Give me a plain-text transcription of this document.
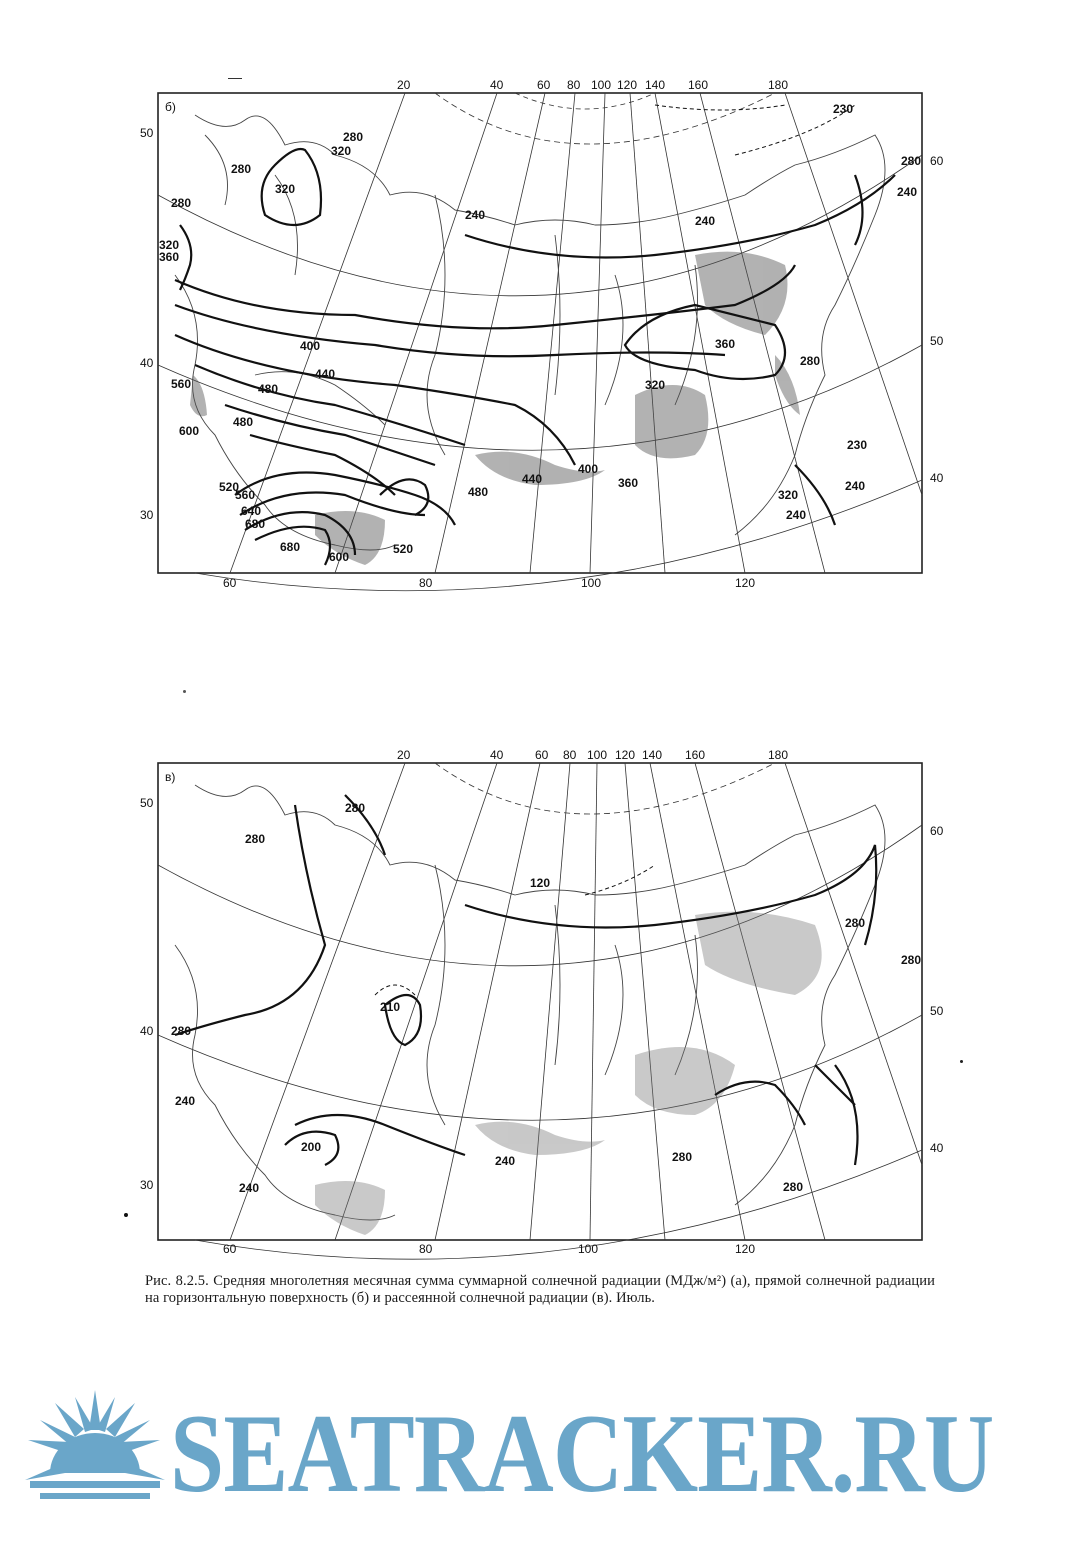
б)
20	40	60 80 100 120 140 160	180
60	80	100	120
50
40
30
60
50
40
280
320
280
320
280
320
360
240	240
230
280
240
400
440
480
480
560
600
360
320
280
230
520
560
640
680
680
600
520
480
440
400
360
320
240
240
в)
20	40	60 80 100 120 140 160	180
60	80	100	120
50
40
30
60
50
40
280
280
120
280
280
210
280
240
200
240
240	280
280
Рис. 8.2.5. Средняя многолетняя месячная сумма суммарной солнечной радиации (МДж/м²) (а), прямой солнечной радиации на горизонтальную поверхность (б) и рассеянной солнечной радиации (в). Июль.
SEATRACKER.RU
